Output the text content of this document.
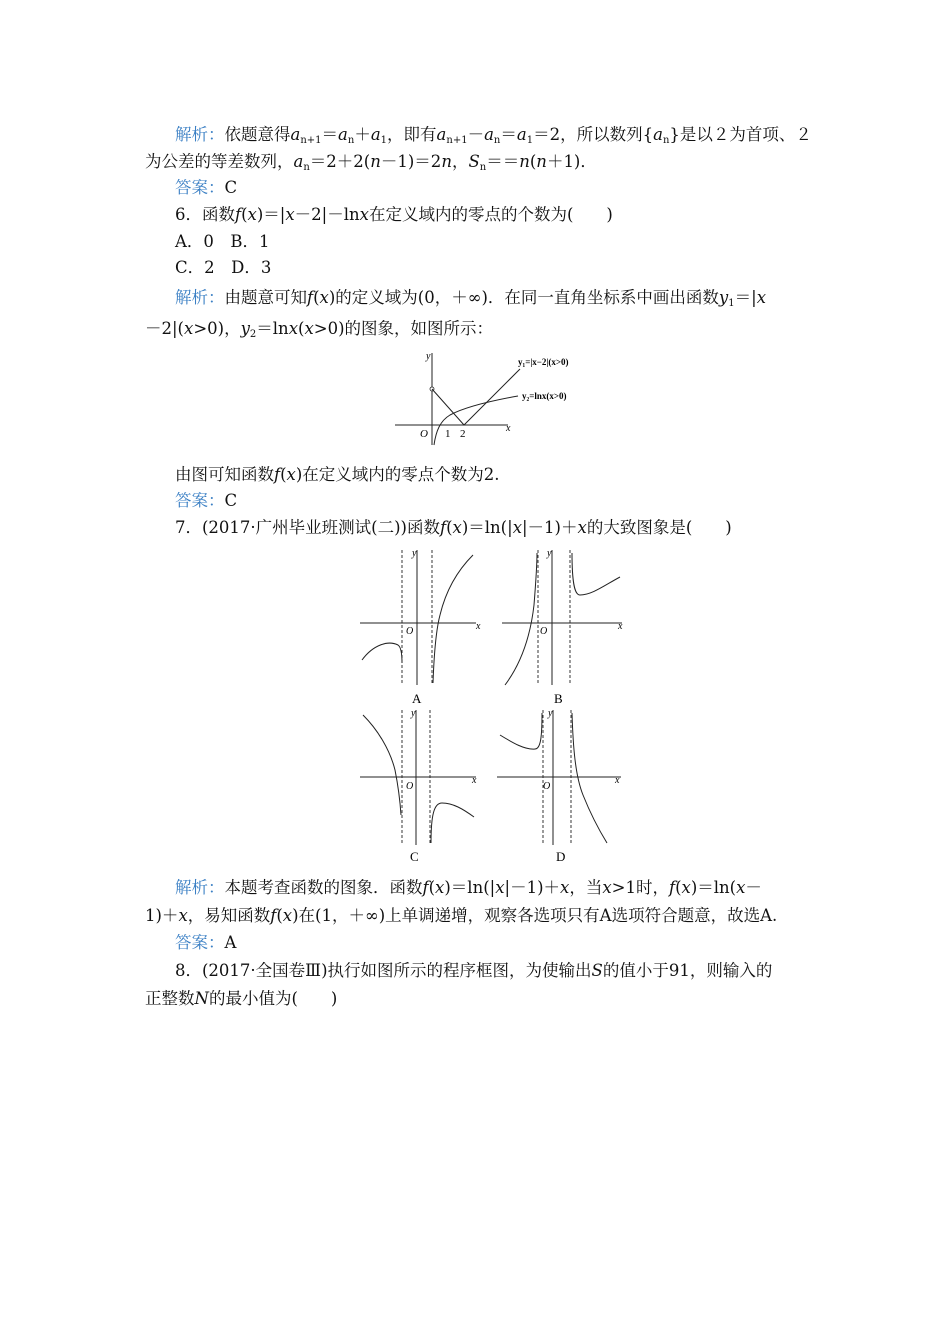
解析：依题意得$a_{n+1}=a_n+a_1$，即有$a_{n+1}-a_n=a_1=2$，所以数列$\{a_n\}$是以２为首项、２
为公差的等差数列，$a_n=2+2(n-1)=2n$，$S_n==n(n+1)$．
答案：C
6．函数f(x)＝|x－2|－lnx在定义域内的零点的个数为(　　)
A．0　B．1
C．2　D．3
解析：由题意可知f(x)的定义域为(0，＋∞)．在同一直角坐标系中画出函数$y_1=|x$
－2|(x>0)，$y_2=\ln x(x>0)$的图象，如图所示：
y
x
O 1 2
y₁=|x−2|(x>0)
y₂=lnx(x>0)
由图可知函数f(x)在定义域内的零点个数为2.
答案：C
7．(2017·广州毕业班测试(二))函数f(x)＝ln(|x|－1)＋x的大致图象是(　　)
y
x
O
A
y
x
O
B
y
x
O
C
y
x
O
D
解析：本题考查函数的图象．函数f(x)＝ln(|x|－1)＋x，当x>1时，f(x)＝ln(x－
1)＋x，易知函数f(x)在(1，＋∞)上单调递增，观察各选项只有A选项符合题意，故选A.
答案：A
8．(2017·全国卷Ⅲ)执行如图所示的程序框图，为使输出S的值小于91，则输入的
正整数N的最小值为(　　)
